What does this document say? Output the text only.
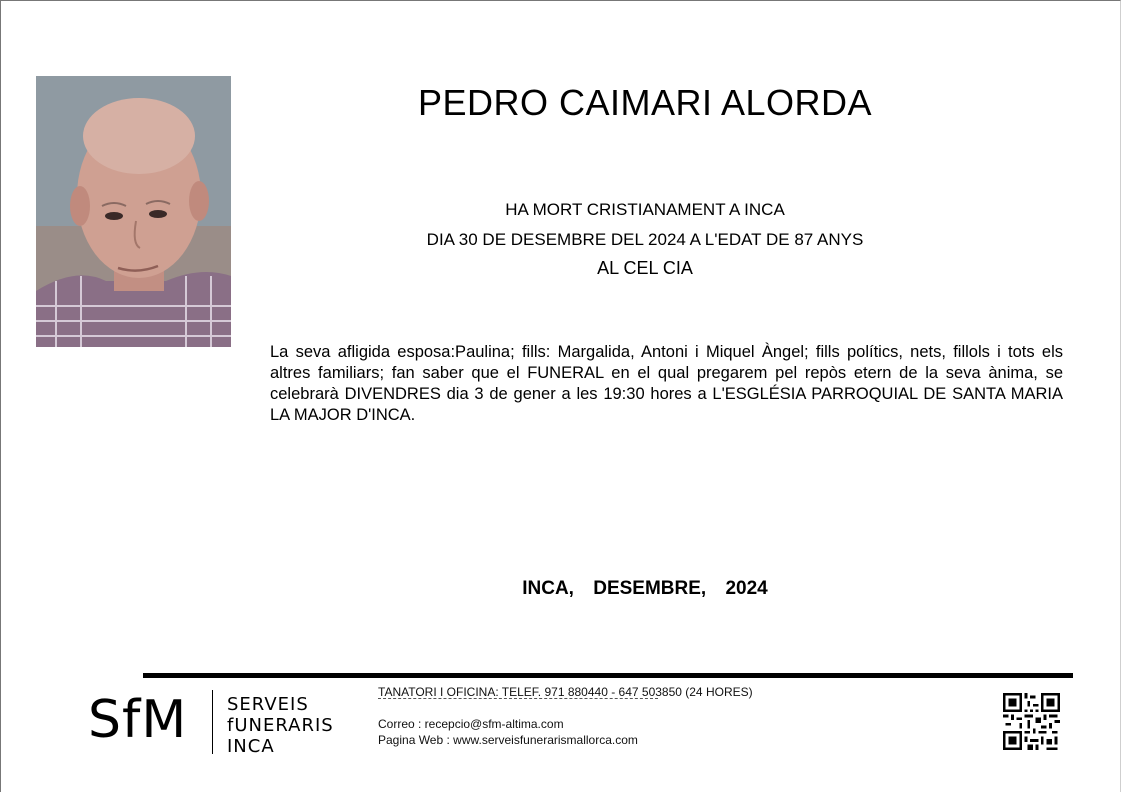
PEDRO CAIMARI ALORDA
HA MORT CRISTIANAMENT A INCA
DIA 30 DE DESEMBRE DEL 2024 A L'EDAT DE 87 ANYS
AL CEL CIA
La seva afligida esposa:Paulina; fills: Margalida, Antoni i Miquel Àngel; fills polítics, nets, fillols i tots els altres familiars; fan saber que el FUNERAL en el qual pregarem pel repòs etern de la seva ànima, se celebrarà DIVENDRES dia 3 de gener a les 19:30 hores a L'ESGLÉSIA PARROQUIAL DE SANTA MARIA LA MAJOR D'INCA.
INCA, DESEMBRE, 2024
SfM SERVEIS
fUNERARIS
INCA
TANATORI I OFICINA: TELEF. 971 880440 - 647 503850 (24 HORES)
Correo : recepcio@sfm-altima.com
Pagina Web : www.serveisfunerarismallorca.com
